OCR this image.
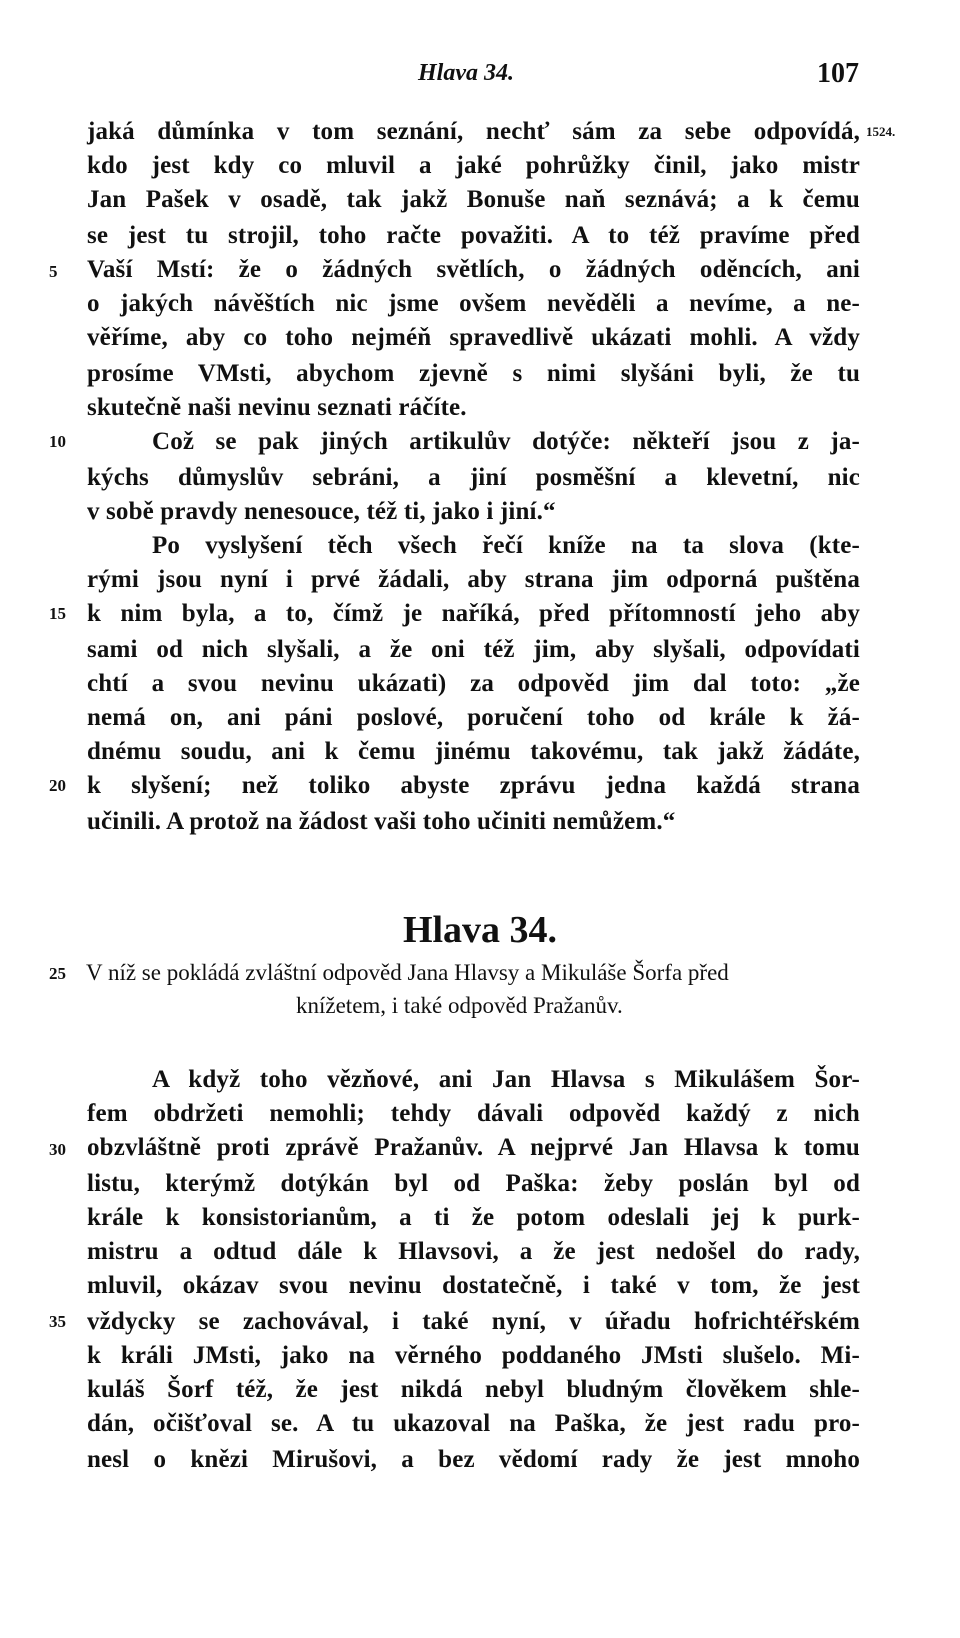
Hlava 34.	107
1524.
5
10
15
20
25
30
35
jaká důmínka v tom seznání, nechť sám za sebe odpovídá,
kdo jest kdy co mluvil a jaké pohrůžky činil, jako mistr
Jan Pašek v osadě, tak jakž Bonuše naň seznává; a k čemu
se jest tu strojil, toho račte považiti. A to též pravíme před
Vaší Mstí: že o žádných světlích, o žádných oděncích, ani
o jakých návěštích nic jsme ovšem nevěděli a nevíme, a ne-
věříme, aby co toho nejméň spravedlivě ukázati mohli. A vždy
prosíme VMsti, abychom zjevně s nimi slyšáni byli, že tu
skutečně naši nevinu seznati ráčíte.
Což se pak jiných artikulův dotýče: někteří jsou z ja-
kýchs důmyslův sebráni, a jiní posměšní a klevetní, nic
v sobě pravdy nenesouce, též ti, jako i jiní.“
Po vyslyšení těch všech řečí kníže na ta slova (kte-
rými jsou nyní i prvé žádali, aby strana jim odporná puštěna
k nim byla, a to, čímž je naříká, před přítomností jeho aby
sami od nich slyšali, a že oni též jim, aby slyšali, odpovídati
chtí a svou nevinu ukázati) za odpověd jim dal toto: „že
nemá on, ani páni poslové, poručení toho od krále k žá-
dnému soudu, ani k čemu jinému takovému, tak jakž žádáte,
k slyšení; než toliko abyste zprávu jedna každá strana
učinili. A protož na žádost vaši toho učiniti nemůžem.“
Hlava 34.
V níž se pokládá zvláštní odpověd Jana Hlavsy a Mikuláše Šorfa před
knížetem, i také odpověd Pražanův.
A když toho vězňové, ani Jan Hlavsa s Mikulášem Šor-
fem obdržeti nemohli; tehdy dávali odpověd každý z nich
obzvláštně proti zprávě Pražanův. A nejprvé Jan Hlavsa k tomu
listu, kterýmž dotýkán byl od Paška: žeby poslán byl od
krále k konsistorianům, a ti že potom odeslali jej k purk-
mistru a odtud dále k Hlavsovi, a že jest nedošel do rady,
mluvil, okázav svou nevinu dostatečně, i také v tom, že jest
vždycky se zachovával, i také nyní, v úřadu hofrichtéřském
k králi JMsti, jako na věrného poddaného JMsti slušelo. Mi-
kuláš Šorf též, že jest nikdá nebyl bludným člověkem shle-
dán, očišťoval se. A tu ukazoval na Paška, že jest radu pro-
nesl o knězi Mirušovi, a bez vědomí rady že jest mnoho
